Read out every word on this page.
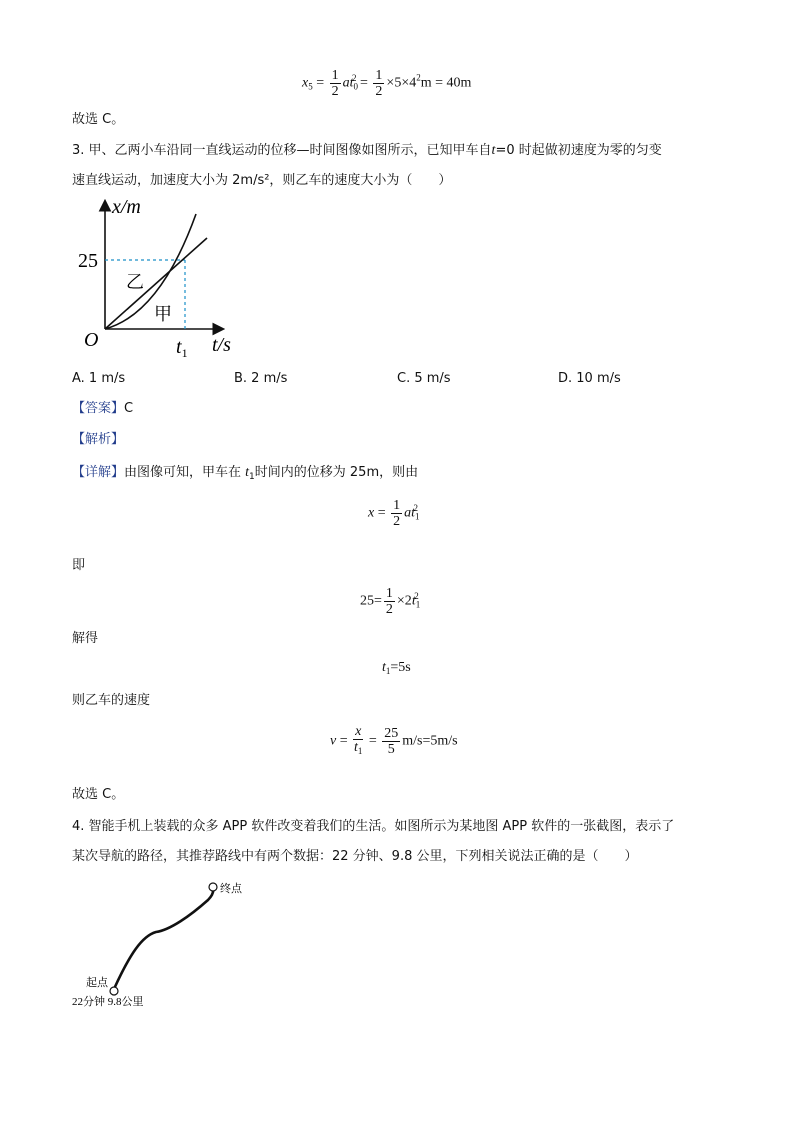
$x_5 = \frac{1}{2} at_0^2 = \frac{1}{2} \times 5\times 4^2m = 40m$
故选 C。
3. 甲、乙两小车沿同一直线运动的位移—时间图像如图所示，已知甲车自t=0 时起做初速度为零的匀变
速直线运动，加速度大小为 2m/s²，则乙车的速度大小为（　　）
x/m
25
乙
甲
O	$t_1$ t/s
A. 1 m/s	B. 2 m/s	C. 5 m/s	D. 10 m/s
【答案】C
【解析】
【详解】由图像可知，甲车在 $t_1$时间内的位移为 25m，则由
$x = \frac{1}{2} at_1^2$
即
$25= \frac{1}{2} \times 2t_1^2$
解得
$t_1=5s$
则乙车的速度
$v = \frac{x}{t_1} = \frac{25}{5} m/s=5m/s$
故选 C。
4. 智能手机上装载的众多 APP 软件改变着我们的生活。如图所示为某地图 APP 软件的一张截图，表示了
某次导航的路径，其推荐路线中有两个数据：22 分钟、9.8 公里，下列相关说法正确的是（　　）
终点
起点
22分钟 9.8公里
